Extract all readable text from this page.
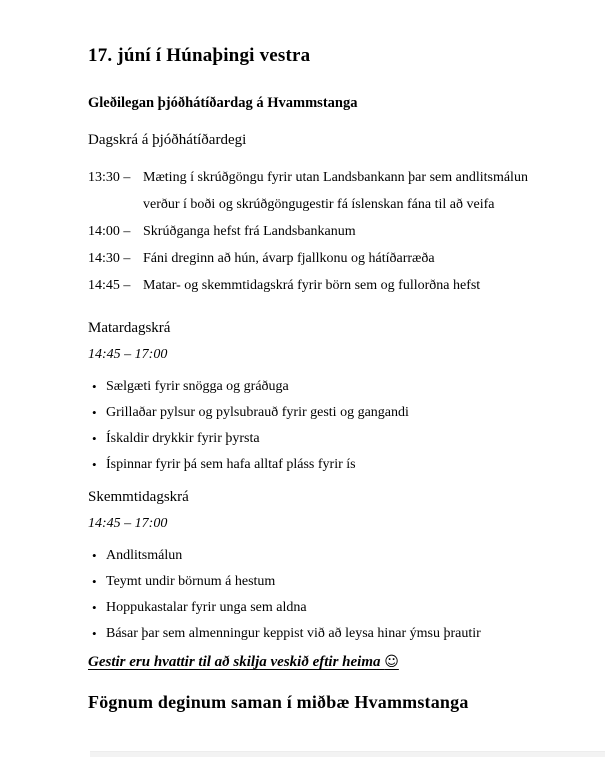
17. júní í Húnaþingi vestra

Gleðilegan þjóðhátíðardag á Hvammstanga

Dagskrá á þjóðhátíðardegi

13:30 – Mæting í skrúðgöngu fyrir utan Landsbankann þar sem andlitsmálun verður í boði og skrúðgöngugestir fá íslenskan fána til að veifa
14:00 – Skrúðganga hefst frá Landsbankanum
14:30 – Fáni dreginn að hún, ávarp fjallkonu og hátíðarræða
14:45 – Matar- og skemmtidagskrá fyrir börn sem og fullorðna hefst

Matardagskrá

14:45 – 17:00

• Sælgæti fyrir snögga og gráðuga
• Grillaðar pylsur og pylsubrauð fyrir gesti og gangandi
• Ískaldir drykkir fyrir þyrsta
• Íspinnar fyrir þá sem hafa alltaf pláss fyrir ís

Skemmtidagskrá

14:45 – 17:00

• Andlitsmálun
• Teymt undir börnum á hestum
• Hoppukastalar fyrir unga sem aldna
• Básar þar sem almenningur keppist við að leysa hinar ýmsu þrautir

Gestir eru hvattir til að skilja veskið eftir heima ☺

Fögnum deginum saman í miðbæ Hvammstanga
